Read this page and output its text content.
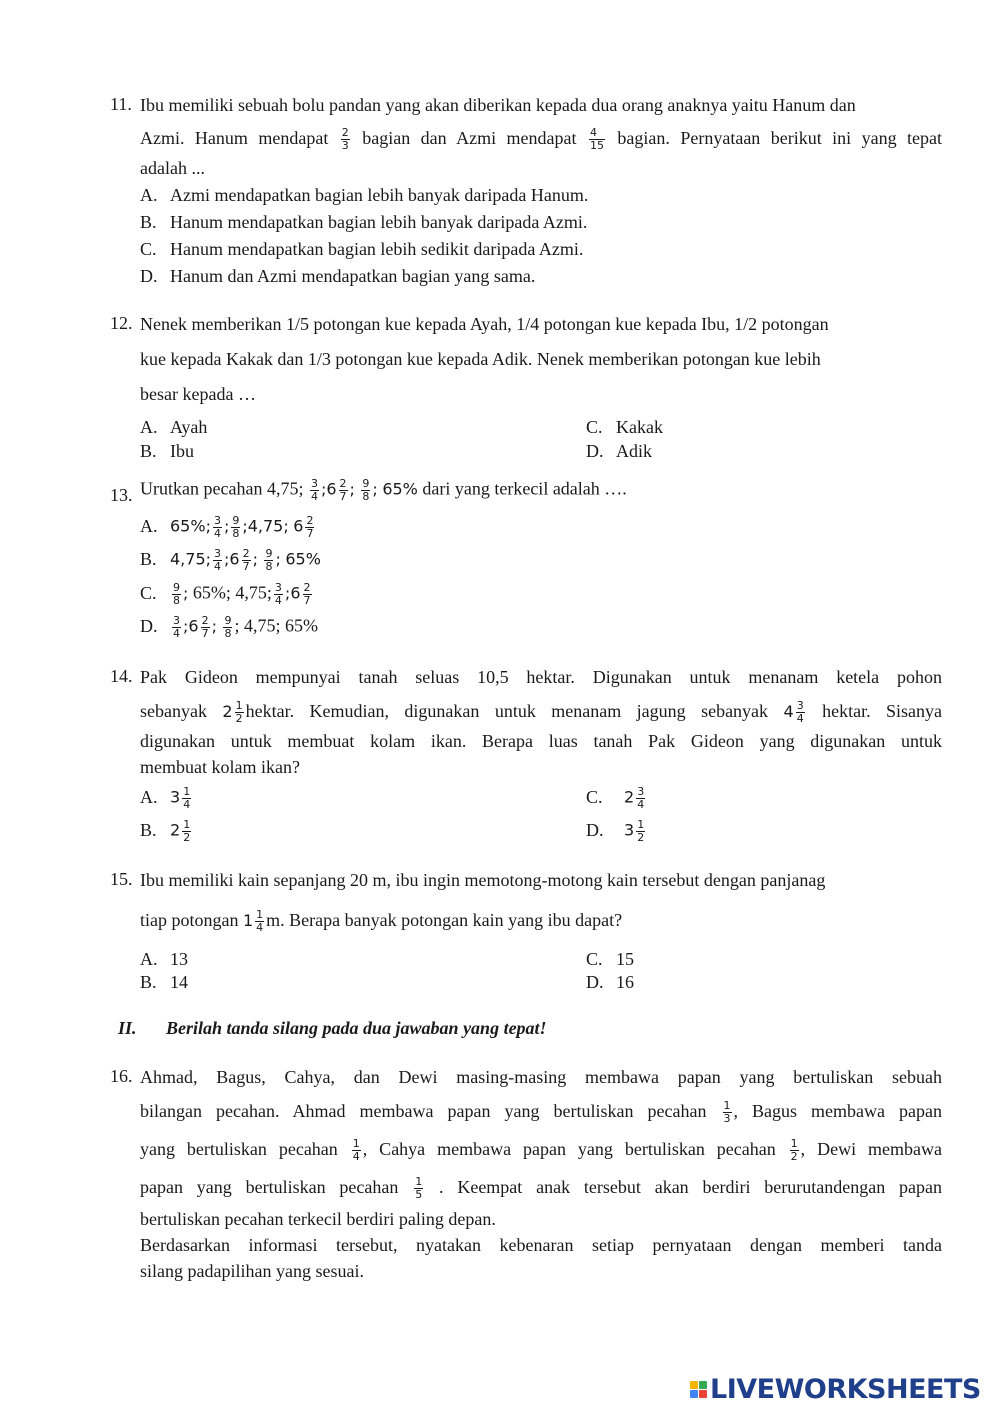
11. Ibu memiliki sebuah bolu pandan yang akan diberikan kepada dua orang anaknya yaitu Hanum dan
Azmi. Hanum mendapat $\frac{2}{3}$ bagian dan Azmi mendapat $\frac{4}{15}$ bagian. Pernyataan berikut ini yang tepat
adalah ...
A. Azmi mendapatkan bagian lebih banyak daripada Hanum.
B. Hanum mendapatkan bagian lebih banyak daripada Azmi.
C. Hanum mendapatkan bagian lebih sedikit daripada Azmi.
D. Hanum dan Azmi mendapatkan bagian yang sama.
12. Nenek memberikan 1/5 potongan kue kepada Ayah, 1/4 potongan kue kepada Ibu, 1/2 potongan
kue kepada Kakak dan 1/3 potongan kue kepada Adik. Nenek memberikan potongan kue lebih
besar kepada …
A. Ayah
B. Ibu
C. Kakak
D. Adik
13. Urutkan pecahan 4,75; $\frac{3}{4}$ ;6 $\frac{2}{7}$ ; $\frac{9}{8}$ ; 65% dari yang terkecil adalah ….
A. 65%; $\frac{3}{4}$ ; $\frac{9}{8}$ ;4,75; $6 \frac{2}{7}$
B. 4,75; $\frac{3}{4}$ ;6 $\frac{2}{7}$ ; $\frac{9}{8}$ ; 65%
C. $\frac{9}{8}$ ; 65%; 4,75; $\frac{3}{4}$ ;6 $\frac{2}{7}$
D. $\frac{3}{4}$ ;6 $\frac{2}{7}$ ; $\frac{9}{8}$ ; 4,75; 65%
14. Pak Gideon mempunyai tanah seluas 10,5 hektar. Digunakan untuk menanam ketela pohon
sebanyak $2 \frac{1}{2}$ hektar. Kemudian, digunakan untuk menanam jagung sebanyak $4 \frac{3}{4}$ hektar. Sisanya
digunakan untuk membuat kolam ikan. Berapa luas tanah Pak Gideon yang digunakan untuk
membuat kolam ikan?
A. $3 \frac{1}{4}$
B. $2 \frac{1}{2}$
C. $2 \frac{3}{4}$
D. $3 \frac{1}{2}$
15. Ibu memiliki kain sepanjang 20 m, ibu ingin memotong-motong kain tersebut dengan panjanag
tiap potongan $1 \frac{1}{4} m$. Berapa banyak potongan kain yang ibu dapat?
A. 13
B. 14
C. 15
D. 16
II. Berilah tanda silang pada dua jawaban yang tepat!
16. Ahmad, Bagus, Cahya, dan Dewi masing-masing membawa papan yang bertuliskan sebuah
bilangan pecahan. Ahmad membawa papan yang bertuliskan pecahan $\frac{1}{3}$ , Bagus membawa papan
yang bertuliskan pecahan $\frac{1}{4}$ , Cahya membawa papan yang bertuliskan pecahan $\frac{1}{2}$ , Dewi membawa
papan yang bertuliskan pecahan $\frac{1}{5}$ . Keempat anak tersebut akan berdiri berurutandengan papan
bertuliskan pecahan terkecil berdiri paling depan.
Berdasarkan informasi tersebut, nyatakan kebenaran setiap pernyataan dengan memberi tanda
silang padapilihan yang sesuai.
LIVEWORKSHEETS
